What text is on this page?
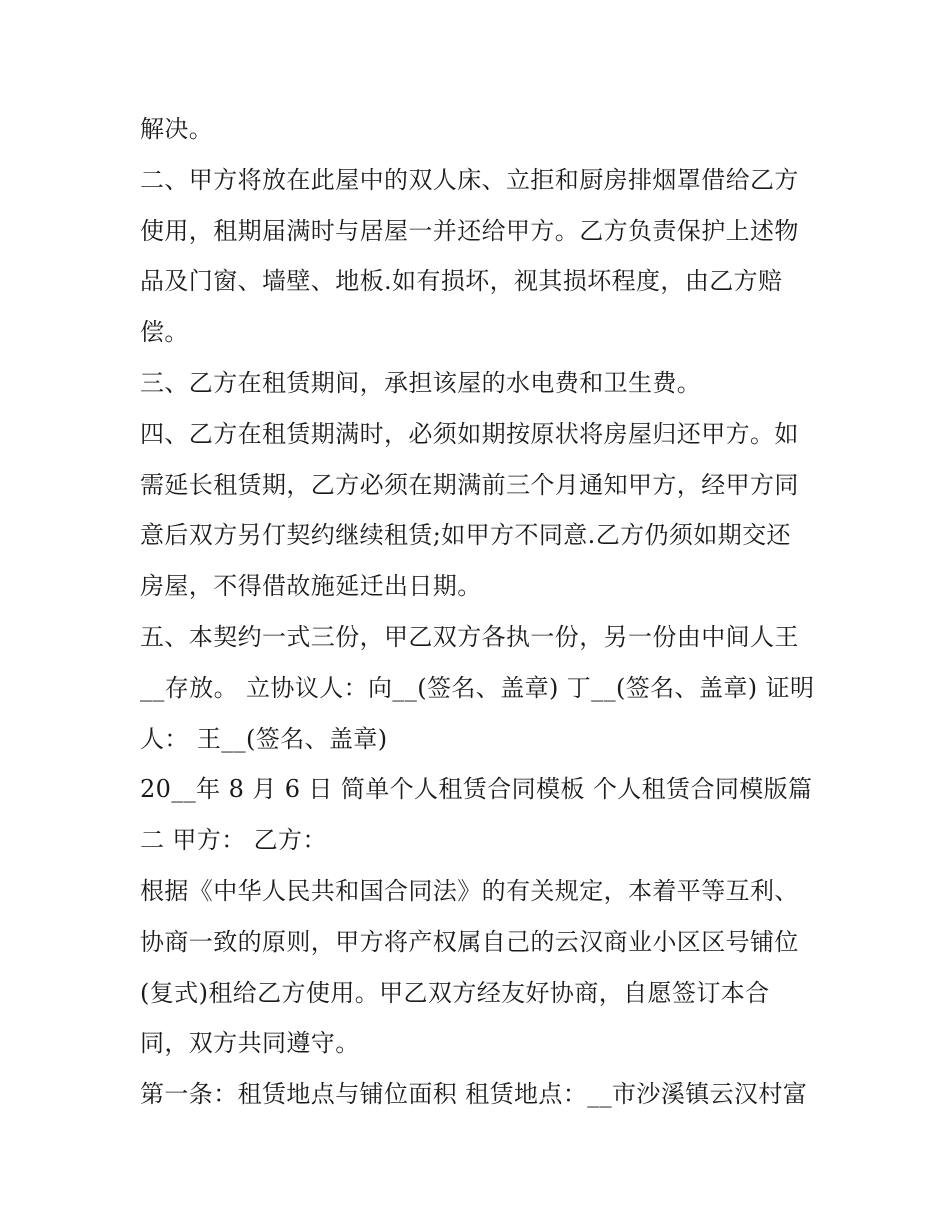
解决。
二、甲方将放在此屋中的双人床、立拒和厨房排烟罩借给乙方
使用，租期届满时与居屋一并还给甲方。乙方负责保护上述物
品及门窗、墙壁、地板.如有损坏，视其损坏程度，由乙方赔
偿。
三、乙方在租赁期间，承担该屋的水电费和卫生费。
四、乙方在租赁期满时，必须如期按原状将房屋归还甲方。如
需延长租赁期，乙方必须在期满前三个月通知甲方，经甲方同
意后双方另仃契约继续租赁;如甲方不同意.乙方仍须如期交还
房屋，不得借故施延迁出日期。
五、本契约一式三份，甲乙双方各执一份，另一份由中间人王
__存放。 立协议人：向__(签名、盖章) 丁__(签名、盖章) 证明
人： 王__(签名、盖章)
20__年 8 月 6 日 简单个人租赁合同模板 个人租赁合同模版篇
二 甲方： 乙方：
根据《中华人民共和国合同法》的有关规定，本着平等互利、
协商一致的原则，甲方将产权属自己的云汉商业小区区号铺位
(复式)租给乙方使用。甲乙双方经友好协商，自愿签订本合
同，双方共同遵守。
第一条：租赁地点与铺位面积 租赁地点：__市沙溪镇云汉村富
